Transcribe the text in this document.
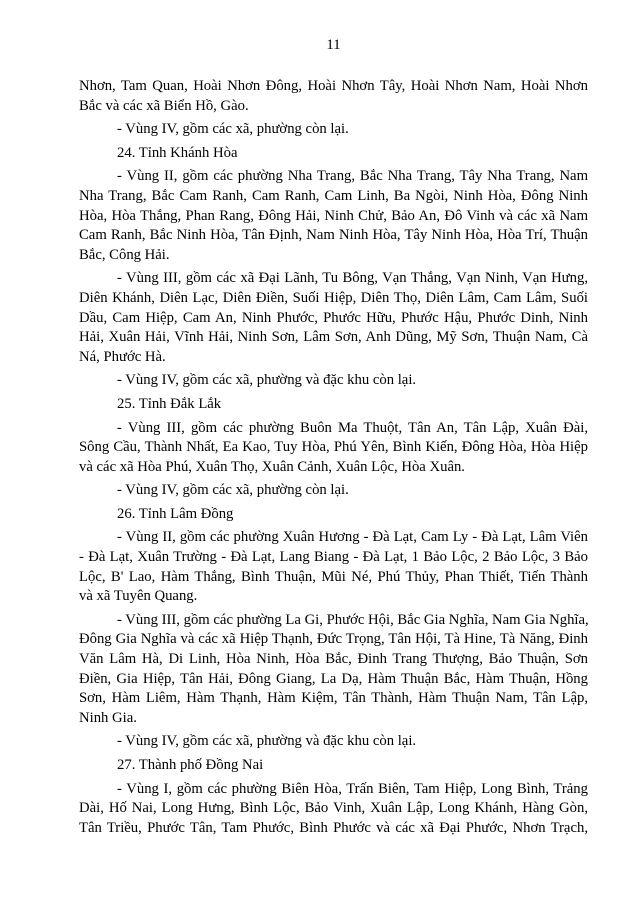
11
Nhơn, Tam Quan, Hoài Nhơn Đông, Hoài Nhơn Tây, Hoài Nhơn Nam, Hoài Nhơn
Bắc và các xã Biển Hồ, Gào.
- Vùng IV, gồm các xã, phường còn lại.
24. Tỉnh Khánh Hòa
- Vùng II, gồm các phường Nha Trang, Bắc Nha Trang, Tây Nha Trang, Nam
Nha Trang, Bắc Cam Ranh, Cam Ranh, Cam Linh, Ba Ngòi, Ninh Hòa, Đông Ninh
Hòa, Hòa Thắng, Phan Rang, Đông Hải, Ninh Chử, Bảo An, Đô Vinh và các xã Nam
Cam Ranh, Bắc Ninh Hòa, Tân Định, Nam Ninh Hòa, Tây Ninh Hòa, Hòa Trí, Thuận
Bắc, Công Hải.
- Vùng III, gồm các xã Đại Lãnh, Tu Bông, Vạn Thắng, Vạn Ninh, Vạn Hưng,
Diên Khánh, Diên Lạc, Diên Điền, Suối Hiệp, Diên Thọ, Diên Lâm, Cam Lâm, Suối
Dầu, Cam Hiệp, Cam An, Ninh Phước, Phước Hữu, Phước Hậu, Phước Dinh, Ninh
Hải, Xuân Hải, Vĩnh Hải, Ninh Sơn, Lâm Sơn, Anh Dũng, Mỹ Sơn, Thuận Nam, Cà
Ná, Phước Hà.
- Vùng IV, gồm các xã, phường và đặc khu còn lại.
25. Tỉnh Đắk Lắk
- Vùng III, gồm các phường Buôn Ma Thuột, Tân An, Tân Lập, Xuân Đài,
Sông Cầu, Thành Nhất, Ea Kao, Tuy Hòa, Phú Yên, Bình Kiến, Đông Hòa, Hòa Hiệp
và các xã Hòa Phú, Xuân Thọ, Xuân Cảnh, Xuân Lộc, Hòa Xuân.
- Vùng IV, gồm các xã, phường còn lại.
26. Tỉnh Lâm Đồng
- Vùng II, gồm các phường Xuân Hương - Đà Lạt, Cam Ly - Đà Lạt, Lâm Viên
- Đà Lạt, Xuân Trường - Đà Lạt, Lang Biang - Đà Lạt, 1 Bảo Lộc, 2 Bảo Lộc, 3 Bảo
Lộc, B' Lao, Hàm Thắng, Bình Thuận, Mũi Né, Phú Thủy, Phan Thiết, Tiến Thành
và xã Tuyên Quang.
- Vùng III, gồm các phường La Gi, Phước Hội, Bắc Gia Nghĩa, Nam Gia Nghĩa,
Đông Gia Nghĩa và các xã Hiệp Thạnh, Đức Trọng, Tân Hội, Tà Hine, Tà Năng, Đinh
Văn Lâm Hà, Di Linh, Hòa Ninh, Hòa Bắc, Đinh Trang Thượng, Bảo Thuận, Sơn
Điền, Gia Hiệp, Tân Hải, Đông Giang, La Dạ, Hàm Thuận Bắc, Hàm Thuận, Hồng
Sơn, Hàm Liêm, Hàm Thạnh, Hàm Kiệm, Tân Thành, Hàm Thuận Nam, Tân Lập,
Ninh Gia.
- Vùng IV, gồm các xã, phường và đặc khu còn lại.
27. Thành phố Đồng Nai
- Vùng I, gồm các phường Biên Hòa, Trấn Biên, Tam Hiệp, Long Bình, Trảng
Dài, Hố Nai, Long Hưng, Bình Lộc, Bảo Vinh, Xuân Lập, Long Khánh, Hàng Gòn,
Tân Triều, Phước Tân, Tam Phước, Bình Phước và các xã Đại Phước, Nhơn Trạch,
